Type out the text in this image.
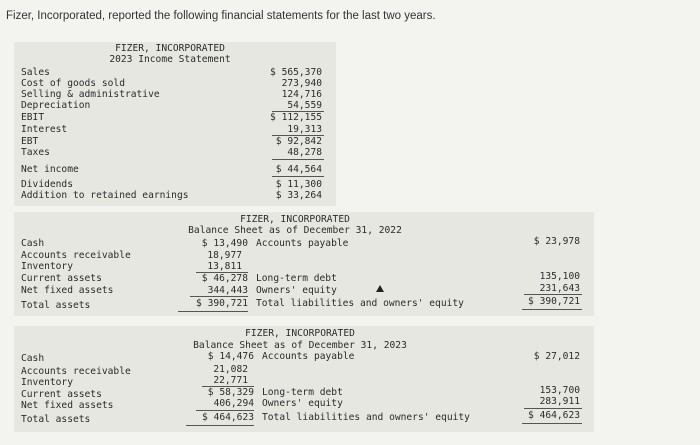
Fizer, Incorporated, reported the following financial statements for the last two years.
FIZER, INCORPORATED
2023 Income Statement
Sales	$ 565,370
Cost of goods sold	273,940
Selling & administrative	124,716
Depreciation	54,559
EBIT	$ 112,155
Interest	19,313
EBT	$ 92,842
Taxes	48,278
Net income	$ 44,564
Dividends	$ 11,300
Addition to retained earnings	$ 33,264
FIZER, INCORPORATED
Balance Sheet as of December 31, 2022
Cash	$ 13,490 Accounts payable	$ 23,978
Accounts receivable	18,977
Inventory	13,811
Current assets	$ 46,278 Long-term debt	135,100
Net fixed assets	344,443 Owners' equity	231,643
Total assets	$ 390,721 Total liabilities and owners' equity	$ 390,721
FIZER, INCORPORATED
Balance Sheet as of December 31, 2023
Cash	$ 14,476 Accounts payable	$ 27,012
Accounts receivable	21,082
Inventory	22,771
Current assets	$ 58,329 Long-term debt	153,700
Net fixed assets	406,294 Owners' equity	283,911
Total assets	$ 464,623 Total liabilities and owners' equity	$ 464,623
